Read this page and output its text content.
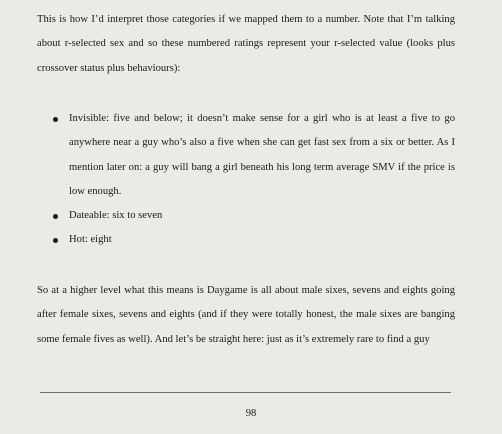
This is how I’d interpret those categories if we mapped them to a number. Note that I’m talking about r-selected sex and so these numbered ratings represent your r-selected value (looks plus crossover status plus behaviours):

Invisible: five and below; it doesn’t make sense for a girl who is at least a five to go anywhere near a guy who’s also a five when she can get fast sex from a six or better. As I mention later on: a guy will bang a girl beneath his long term average SMV if the price is low enough.
Dateable: six to seven
Hot: eight

So at a higher level what this means is Daygame is all about male sixes, sevens and eights going after female sixes, sevens and eights (and if they were totally honest, the male sixes are banging some female fives as well). And let’s be straight here: just as it’s extremely rare to find a guy

98
